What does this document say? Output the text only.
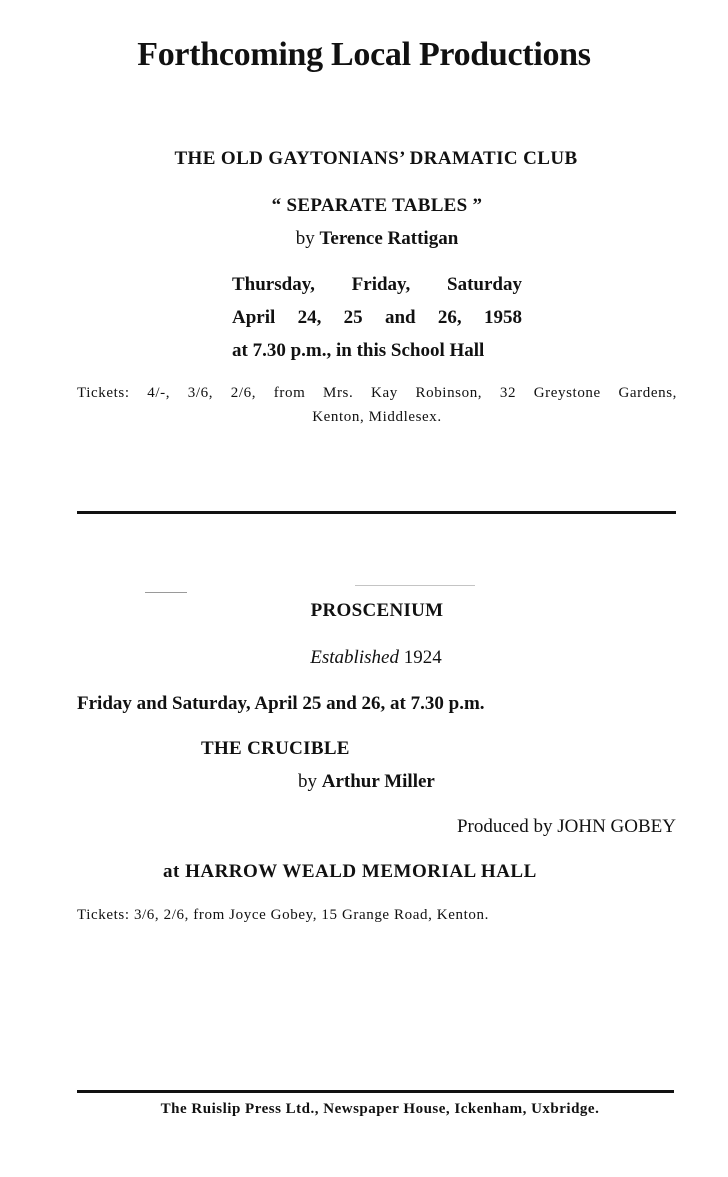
Forthcoming Local Productions
THE OLD GAYTONIANS’ DRAMATIC CLUB
“ SEPARATE TABLES ”
by Terence Rattigan
Thursday, Friday, Saturday
April 24, 25 and 26, 1958
at 7.30 p.m., in this School Hall
Tickets: 4/-, 3/6, 2/6, from Mrs. Kay Robinson, 32 Greystone Gardens,
Kenton, Middlesex.
PROSCENIUM
Established 1924
Friday and Saturday, April 25 and 26, at 7.30 p.m.
THE CRUCIBLE
by Arthur Miller
Produced by JOHN GOBEY
at HARROW WEALD MEMORIAL HALL
Tickets: 3/6, 2/6, from Joyce Gobey, 15 Grange Road, Kenton.
The Ruislip Press Ltd., Newspaper House, Ickenham, Uxbridge.
